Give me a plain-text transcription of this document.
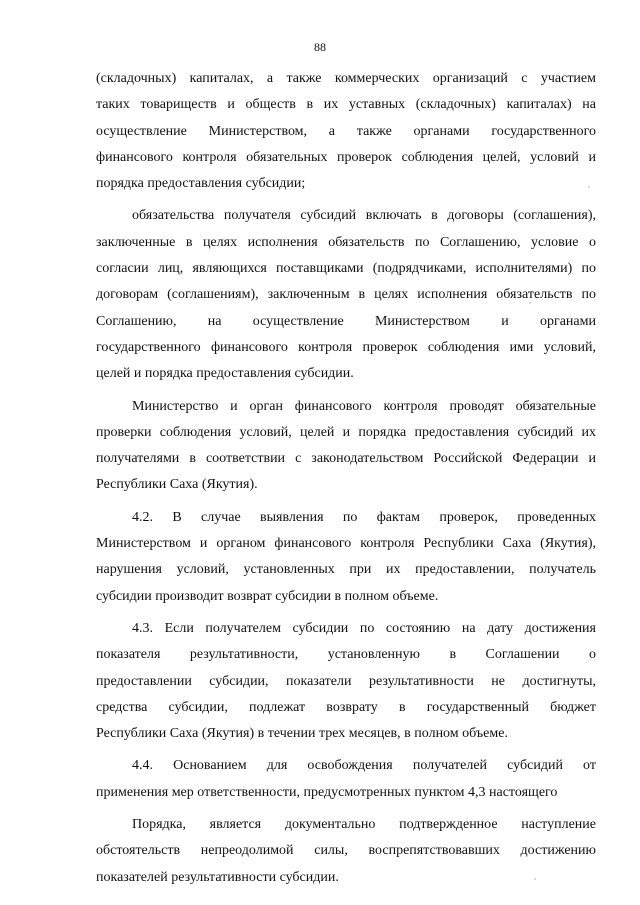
88

(складочных) капиталах, а также коммерческих организаций с участием
таких товариществ и обществ в их уставных (складочных) капиталах) на
осуществление Министерством, а также органами государственного
финансового контроля обязательных проверок соблюдения целей, условий и
порядка предоставления субсидии;

обязательства получателя субсидий включать в договоры (соглашения),
заключенные в целях исполнения обязательств по Соглашению, условие о
согласии лиц, являющихся поставщиками (подрядчиками, исполнителями) по
договорам (соглашениям), заключенным в целях исполнения обязательств по
Соглашению, на осуществление Министерством и органами
государственного финансового контроля проверок соблюдения ими условий,
целей и порядка предоставления субсидии.

Министерство и орган финансового контроля проводят обязательные
проверки соблюдения условий, целей и порядка предоставления субсидий их
получателями в соответствии с законодательством Российской Федерации и
Республики Саха (Якутия).

4.2. В случае выявления по фактам проверок, проведенных
Министерством и органом финансового контроля Республики Саха (Якутия),
нарушения условий, установленных при их предоставлении, получатель
субсидии производит возврат субсидии в полном объеме.

4.3. Если получателем субсидии по состоянию на дату достижения
показателя результативности, установленную в Соглашении о
предоставлении субсидии, показатели результативности не достигнуты,
средства субсидии, подлежат возврату в государственный бюджет
Республики Саха (Якутия) в течении трех месяцев, в полном объеме.

4.4. Основанием для освобождения получателей субсидий от
применения мер ответственности, предусмотренных пунктом 4,3 настоящего

Порядка, является документально подтвержденное наступление
обстоятельств непреодолимой силы, воспрепятствовавших достижению
показателей результативности субсидии.
